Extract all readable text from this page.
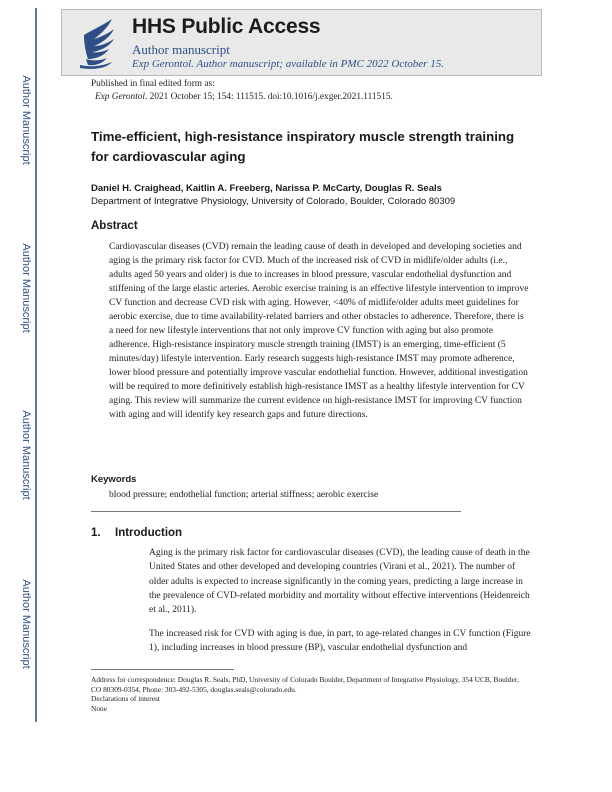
Author Manuscript
Author Manuscript
Author Manuscript
Author Manuscript
HHS Public Access
Author manuscript
Exp Gerontol. Author manuscript; available in PMC 2022 October 15.
Published in final edited form as:
Exp Gerontol. 2021 October 15; 154: 111515. doi:10.1016/j.exger.2021.111515.
Time-efficient, high-resistance inspiratory muscle strength training for cardiovascular aging
Daniel H. Craighead, Kaitlin A. Freeberg, Narissa P. McCarty, Douglas R. Seals
Department of Integrative Physiology, University of Colorado, Boulder, Colorado 80309
Abstract
Cardiovascular diseases (CVD) remain the leading cause of death in developed and developing societies and aging is the primary risk factor for CVD. Much of the increased risk of CVD in midlife/older adults (i.e., adults aged 50 years and older) is due to increases in blood pressure, vascular endothelial dysfunction and stiffening of the large elastic arteries. Aerobic exercise training is an effective lifestyle intervention to improve CV function and decrease CVD risk with aging. However, <40% of midlife/older adults meet guidelines for aerobic exercise, due to time availability-related barriers and other obstacles to adherence. Therefore, there is a need for new lifestyle interventions that not only improve CV function with aging but also promote adherence. High-resistance inspiratory muscle strength training (IMST) is an emerging, time-efficient (5 minutes/day) lifestyle intervention. Early research suggests high-resistance IMST may promote adherence, lower blood pressure and potentially improve vascular endothelial function. However, additional investigation will be required to more definitively establish high-resistance IMST as a healthy lifestyle intervention for CV aging. This review will summarize the current evidence on high-resistance IMST for improving CV function with aging and will identify key research gaps and future directions.
Keywords
blood pressure; endothelial function; arterial stiffness; aerobic exercise
1. Introduction
Aging is the primary risk factor for cardiovascular diseases (CVD), the leading cause of death in the United States and other developed and developing countries (Virani et al., 2021). The number of older adults is expected to increase significantly in the coming years, predicting a large increase in the prevalence of CVD-related morbidity and mortality without effective interventions (Heidenreich et al., 2011).
The increased risk for CVD with aging is due, in part, to age-related changes in CV function (Figure 1), including increases in blood pressure (BP), vascular endothelial dysfunction and
Address for correspondence: Douglas R. Seals, PhD, University of Colorado Boulder, Department of Integrative Physiology, 354 UCB, Boulder, CO 80309-0354, Phone: 303-492-5305, douglas.seals@colorado.edu.
Declarations of interest
None
